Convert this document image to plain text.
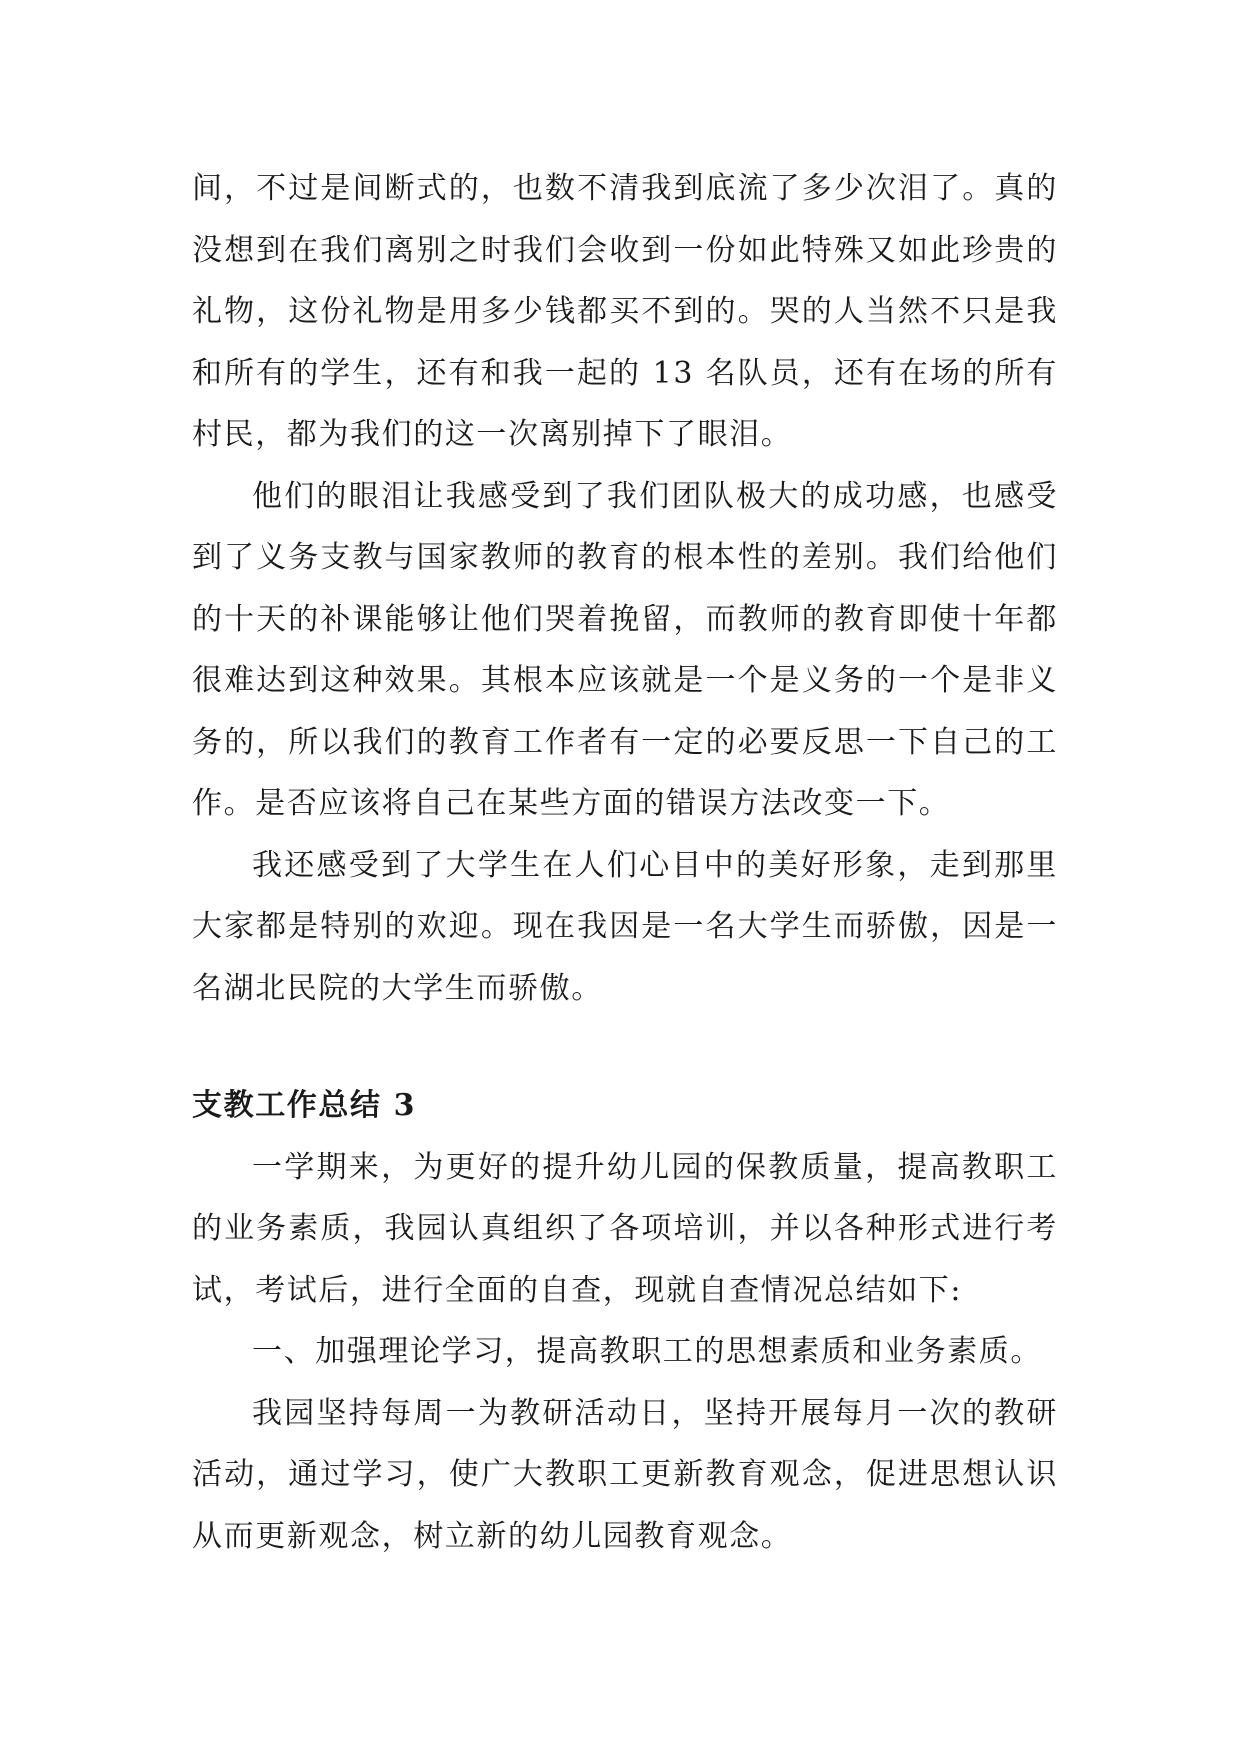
间，不过是间断式的，也数不清我到底流了多少次泪了。真的没想到在我们离别之时我们会收到一份如此特殊又如此珍贵的礼物，这份礼物是用多少钱都买不到的。哭的人当然不只是我和所有的学生，还有和我一起的 13 名队员，还有在场的所有村民，都为我们的这一次离别掉下了眼泪。

他们的眼泪让我感受到了我们团队极大的成功感，也感受到了义务支教与国家教师的教育的根本性的差别。我们给他们的十天的补课能够让他们哭着挽留，而教师的教育即使十年都很难达到这种效果。其根本应该就是一个是义务的一个是非义务的，所以我们的教育工作者有一定的必要反思一下自己的工作。是否应该将自己在某些方面的错误方法改变一下。

我还感受到了大学生在人们心目中的美好形象，走到那里大家都是特别的欢迎。现在我因是一名大学生而骄傲，因是一名湖北民院的大学生而骄傲。

支教工作总结 3

一学期来，为更好的提升幼儿园的保教质量，提高教职工的业务素质，我园认真组织了各项培训，并以各种形式进行考试，考试后，进行全面的自查，现就自查情况总结如下:

一、加强理论学习，提高教职工的思想素质和业务素质。

我园坚持每周一为教研活动日，坚持开展每月一次的教研活动，通过学习，使广大教职工更新教育观念，促进思想认识从而更新观念，树立新的幼儿园教育观念。
